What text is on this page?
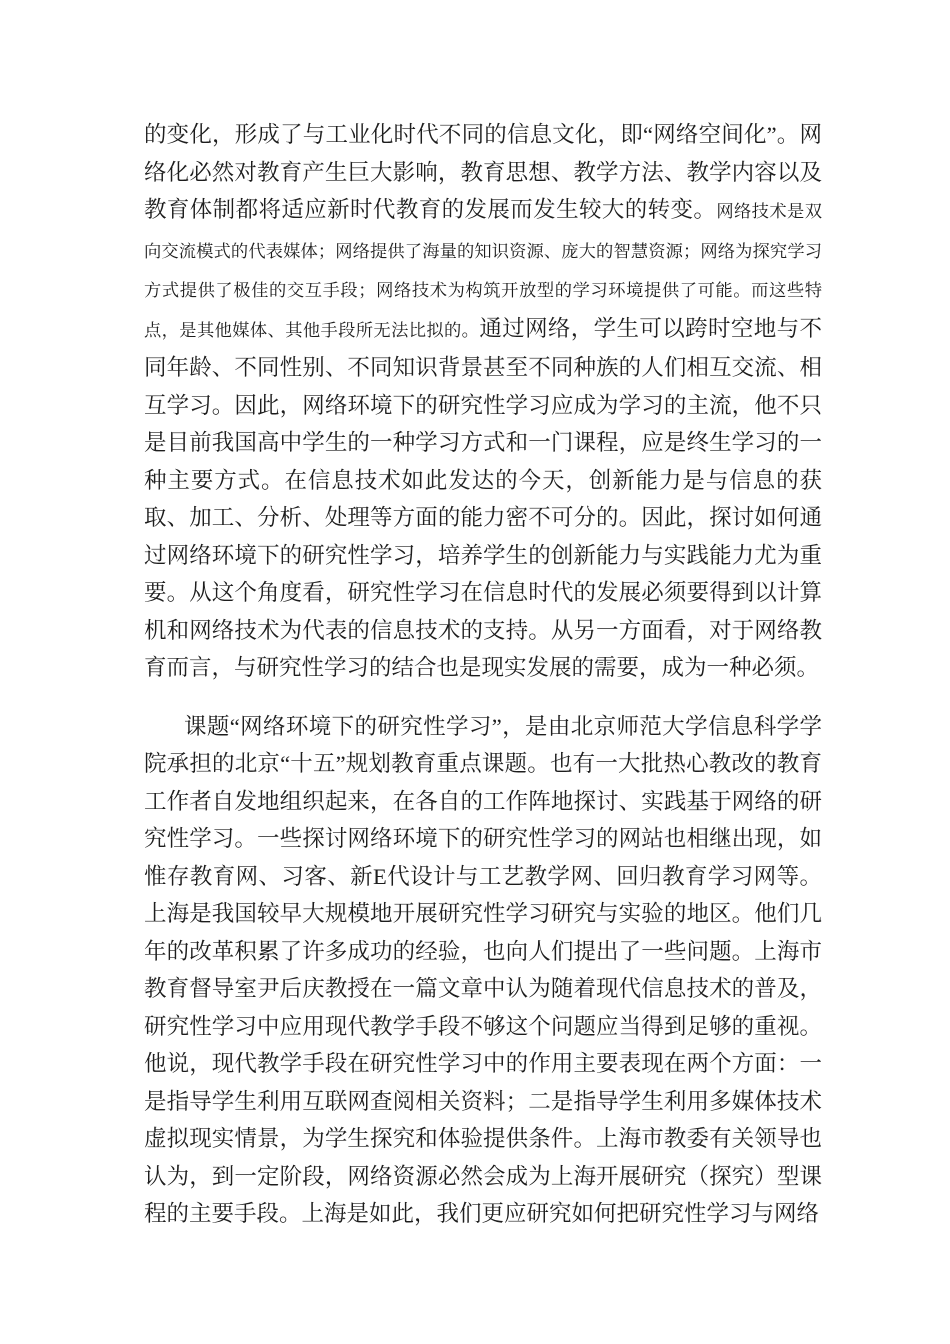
的变化，形成了与工业化时代不同的信息文化，即“网络空间化”。网络化必然对教育产生巨大影响，教育思想、教学方法、教学内容以及教育体制都将适应新时代教育的发展而发生较大的转变。网络技术是双向交流模式的代表媒体；网络提供了海量的知识资源、庞大的智慧资源；网络为探究学习方式提供了极佳的交互手段；网络技术为构筑开放型的学习环境提供了可能。而这些特点，是其他媒体、其他手段所无法比拟的。通过网络，学生可以跨时空地与不同年龄、不同性别、不同知识背景甚至不同种族的人们相互交流、相互学习。因此，网络环境下的研究性学习应成为学习的主流，他不只是目前我国高中学生的一种学习方式和一门课程，应是终生学习的一种主要方式。在信息技术如此发达的今天，创新能力是与信息的获取、加工、分析、处理等方面的能力密不可分的。因此，探讨如何通过网络环境下的研究性学习，培养学生的创新能力与实践能力尤为重要。从这个角度看，研究性学习在信息时代的发展必须要得到以计算机和网络技术为代表的信息技术的支持。从另一方面看，对于网络教育而言，与研究性学习的结合也是现实发展的需要，成为一种必须。

课题“网络环境下的研究性学习”，是由北京师范大学信息科学学院承担的北京“十五”规划教育重点课题。也有一大批热心教改的教育工作者自发地组织起来，在各自的工作阵地探讨、实践基于网络的研究性学习。一些探讨网络环境下的研究性学习的网站也相继出现，如惟存教育网、习客、新E代设计与工艺教学网、回归教育学习网等。上海是我国较早大规模地开展研究性学习研究与实验的地区。他们几年的改革积累了许多成功的经验，也向人们提出了一些问题。上海市教育督导室尹后庆教授在一篇文章中认为随着现代信息技术的普及，研究性学习中应用现代教学手段不够这个问题应当得到足够的重视。他说，现代教学手段在研究性学习中的作用主要表现在两个方面：一是指导学生利用互联网查阅相关资料；二是指导学生利用多媒体技术虚拟现实情景，为学生探究和体验提供条件。上海市教委有关领导也认为，到一定阶段，网络资源必然会成为上海开展研究（探究）型课程的主要手段。上海是如此，我们更应研究如何把研究性学习与网络
